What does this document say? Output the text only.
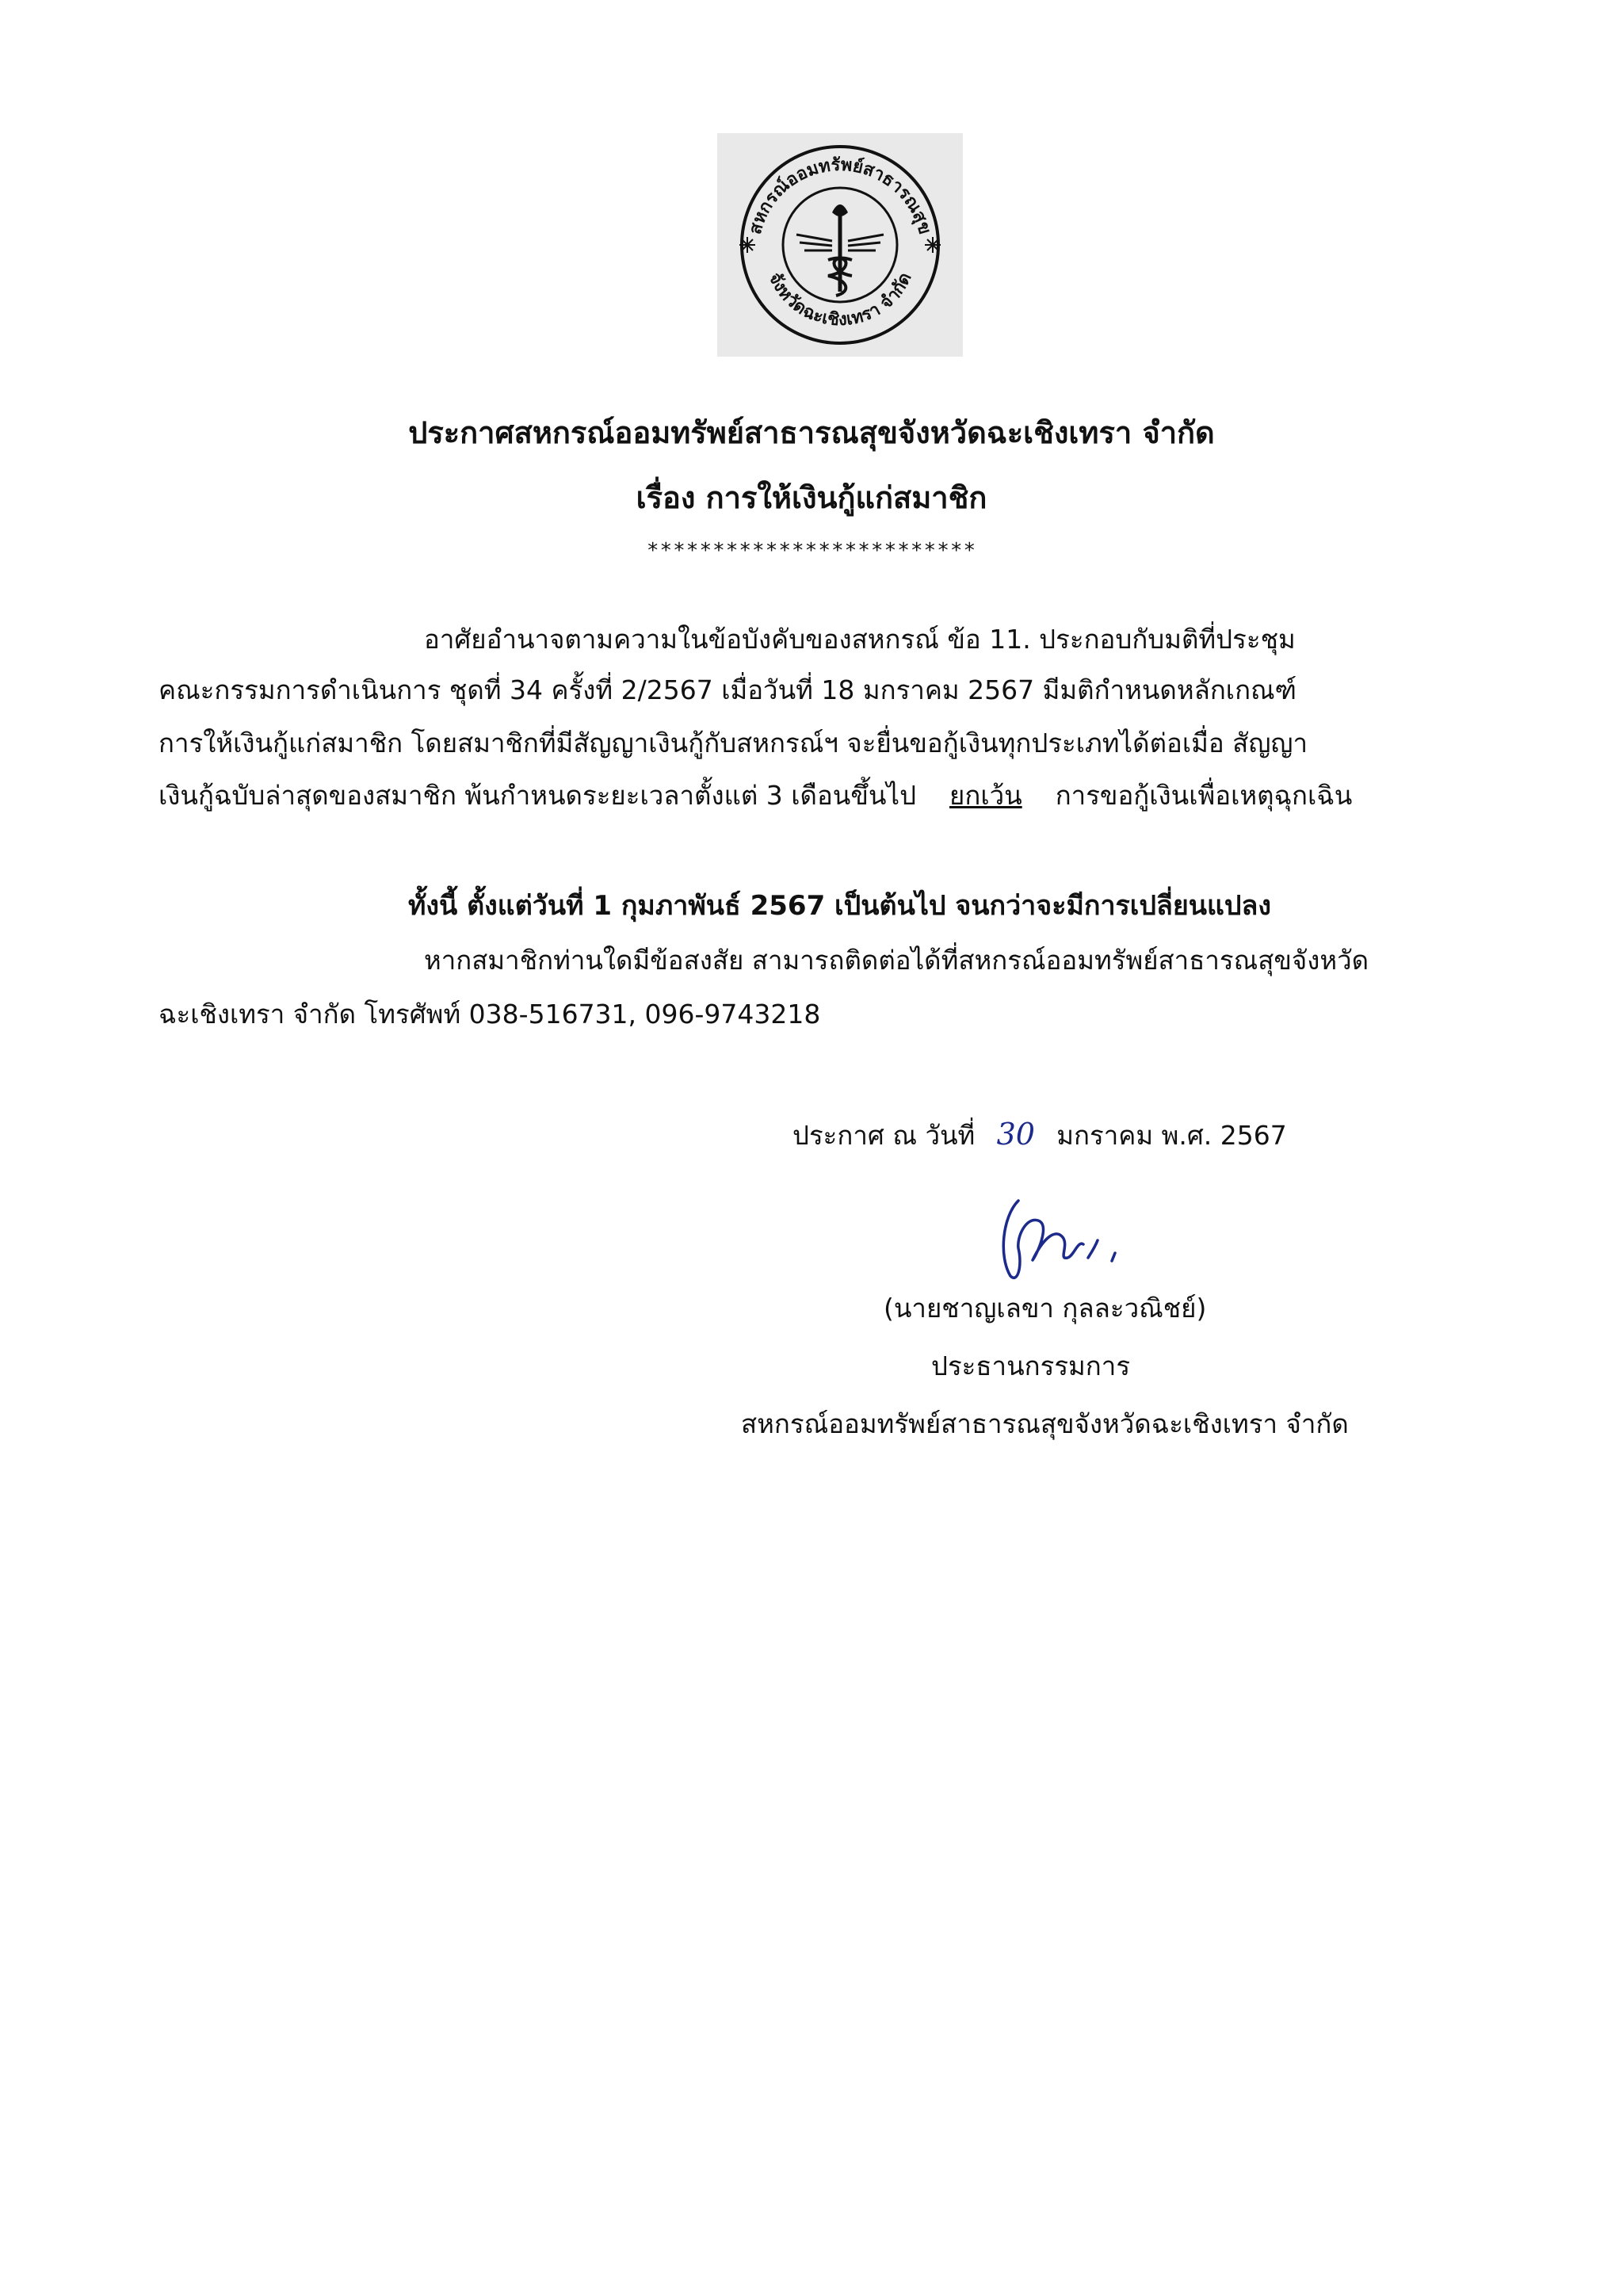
สหกรณ์ออมทรัพย์สาธารณสุข
จังหวัดฉะเชิงเทรา จำกัด
ประกาศสหกรณ์ออมทรัพย์สาธารณสุขจังหวัดฉะเชิงเทรา จำกัด
เรื่อง การให้เงินกู้แก่สมาชิก
*************************
อาศัยอำนาจตามความในข้อบังคับของสหกรณ์ ข้อ 11. ประกอบกับมติที่ประชุม
คณะกรรมการดำเนินการ ชุดที่ 34 ครั้งที่ 2/2567 เมื่อวันที่ 18 มกราคม 2567 มีมติกำหนดหลักเกณฑ์
การให้เงินกู้แก่สมาชิก โดยสมาชิกที่มีสัญญาเงินกู้กับสหกรณ์ฯ จะยื่นขอกู้เงินทุกประเภทได้ต่อเมื่อ สัญญา
เงินกู้ฉบับล่าสุดของสมาชิก พ้นกำหนดระยะเวลาตั้งแต่ 3 เดือนขึ้นไป ยกเว้น การขอกู้เงินเพื่อเหตุฉุกเฉิน
ทั้งนี้ ตั้งแต่วันที่ 1 กุมภาพันธ์ 2567 เป็นต้นไป จนกว่าจะมีการเปลี่ยนแปลง
หากสมาชิกท่านใดมีข้อสงสัย สามารถติดต่อได้ที่สหกรณ์ออมทรัพย์สาธารณสุขจังหวัด
ฉะเชิงเทรา จำกัด โทรศัพท์ 038-516731, 096-9743218
ประกาศ ณ วันที่ 30 มกราคม พ.ศ. 2567
(นายชาญเลขา กุลละวณิชย์)
ประธานกรรมการ
สหกรณ์ออมทรัพย์สาธารณสุขจังหวัดฉะเชิงเทรา จำกัด
